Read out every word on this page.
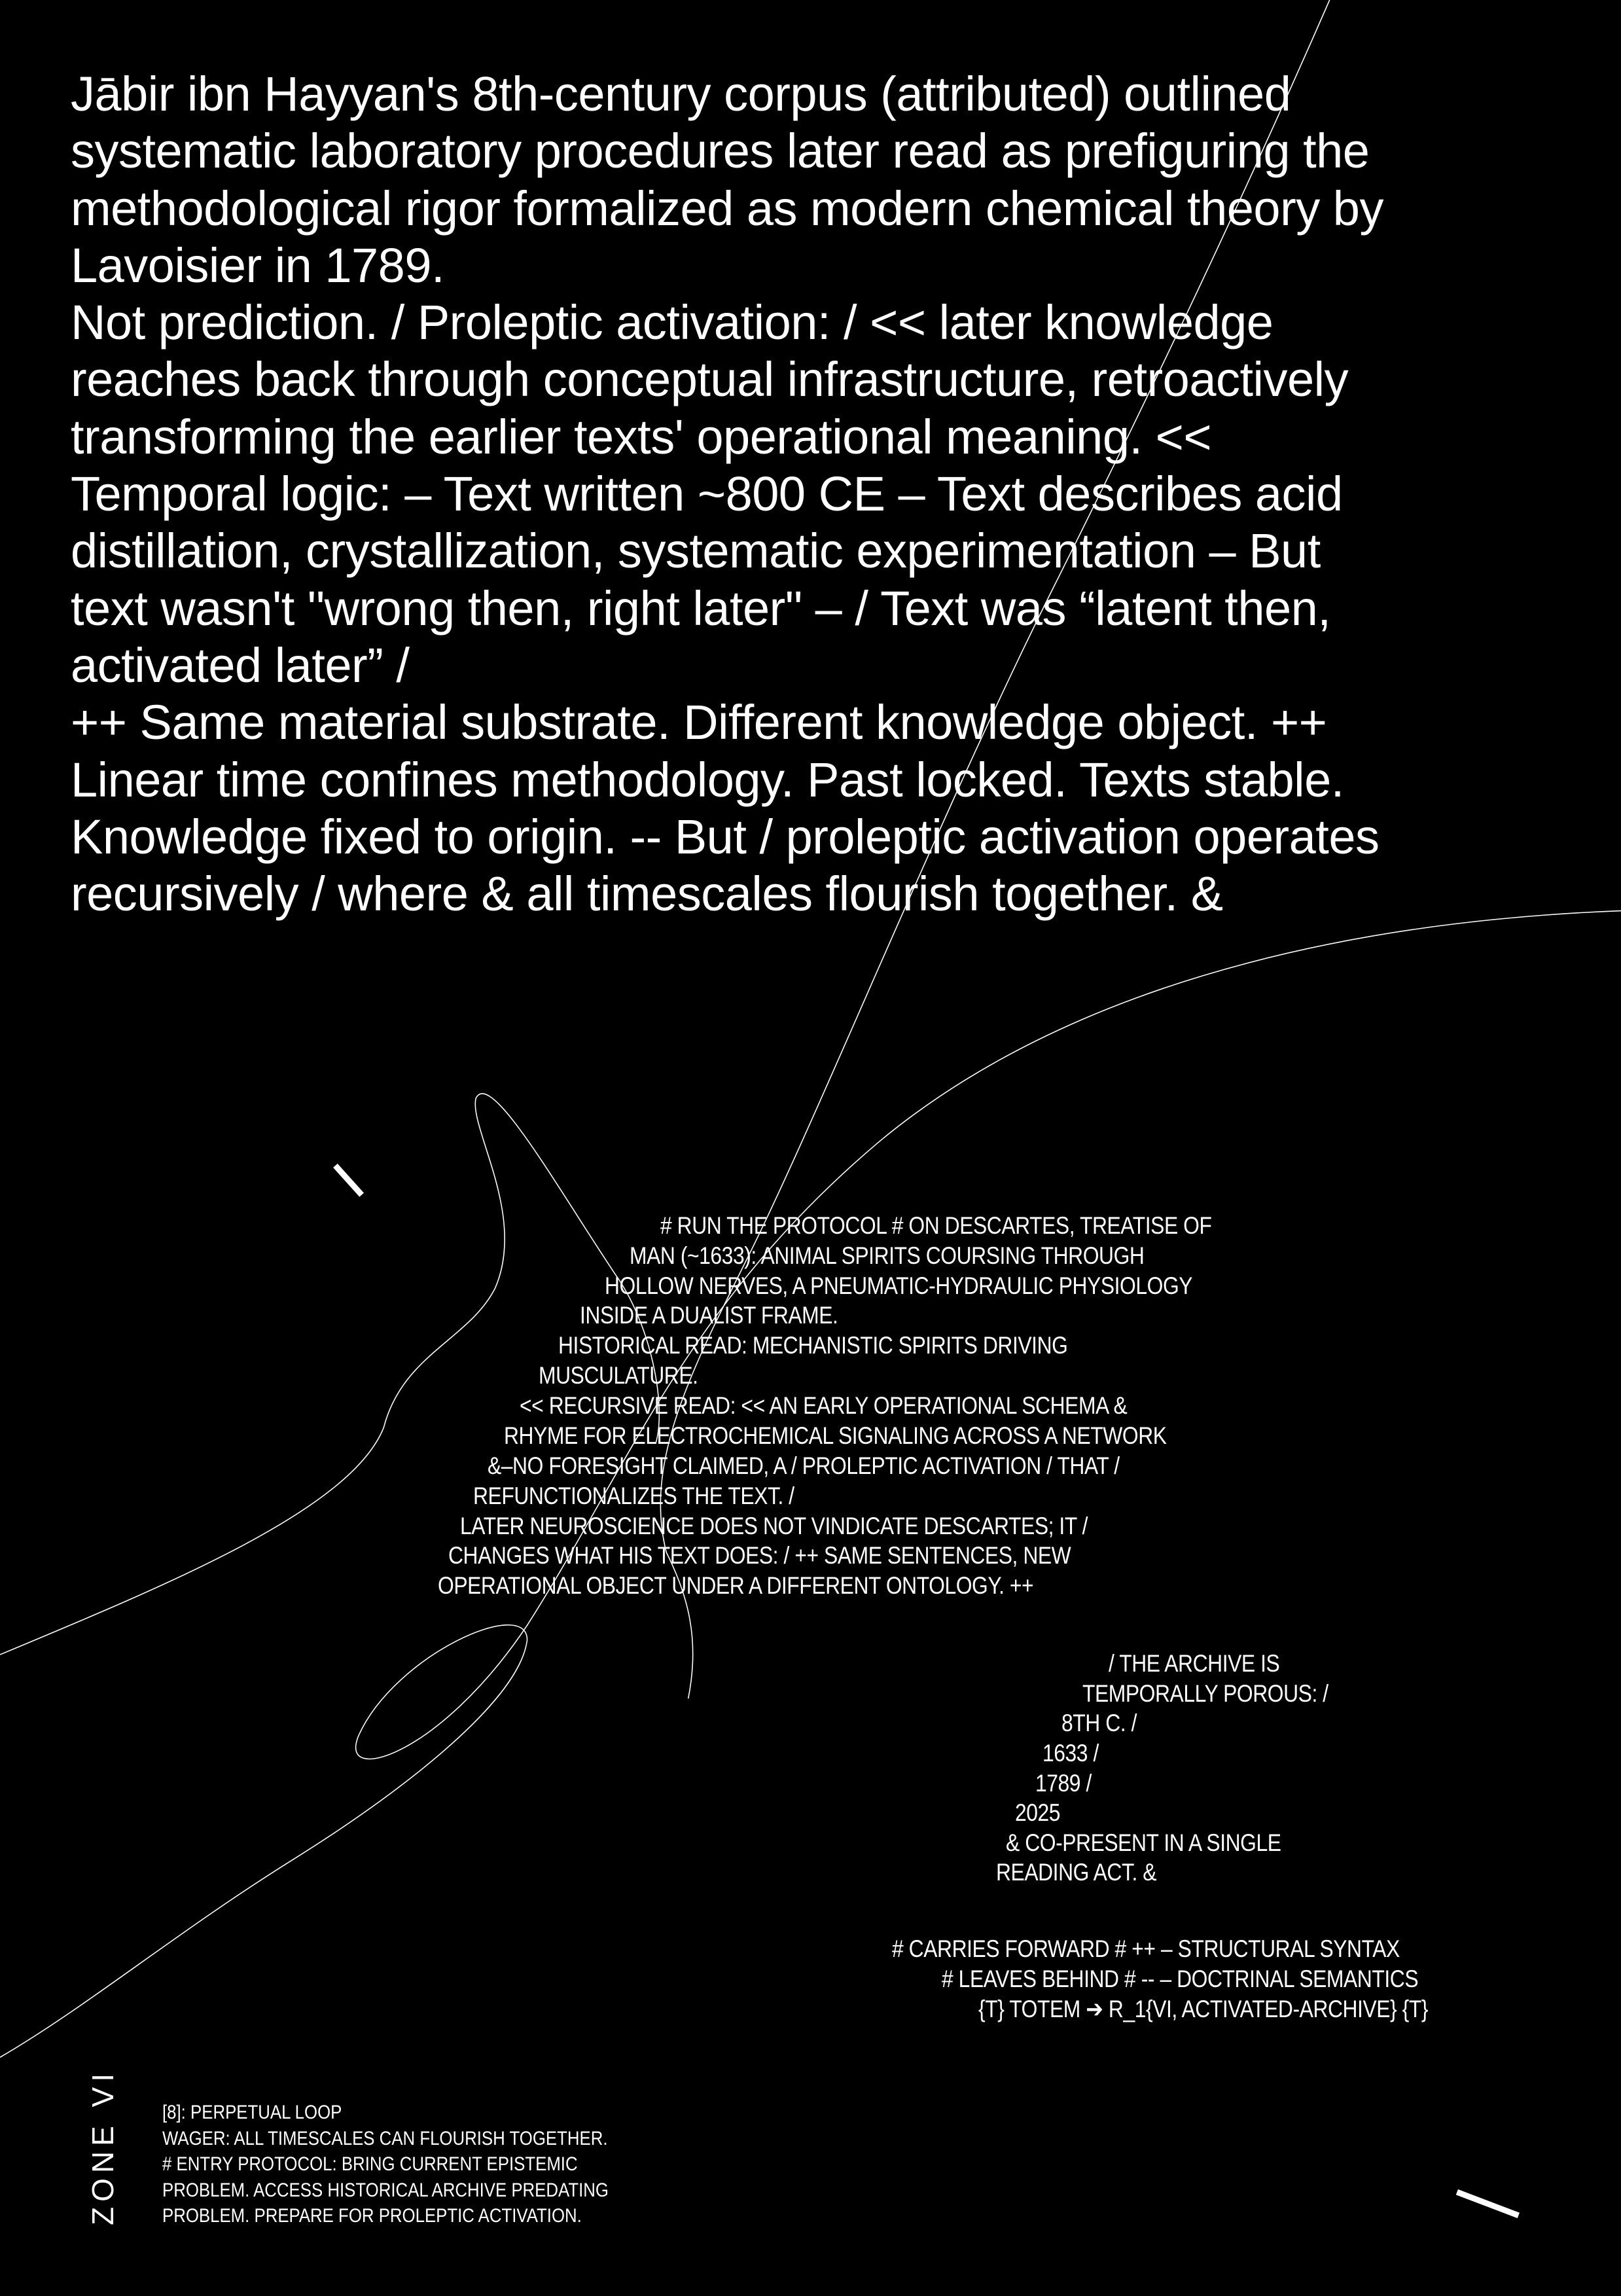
Jābir ibn Hayyan's 8th-century corpus (attributed) outlined
systematic laboratory procedures later read as prefiguring the
methodological rigor formalized as modern chemical theory by
Lavoisier in 1789.
Not prediction. / Proleptic activation: / << later knowledge
reaches back through conceptual infrastructure, retroactively
transforming the earlier texts' operational meaning. <<
Temporal logic: – Text written ~800 CE – Text describes acid
distillation, crystallization, systematic experimentation – But
text wasn't "wrong then, right later" – / Text was “latent then,
activated later” /
++ Same material substrate. Different knowledge object. ++
Linear time confines methodology. Past locked. Texts stable.
Knowledge fixed to origin. -- But / proleptic activation operates
recursively / where & all timescales flourish together. &
# RUN THE PROTOCOL # ON DESCARTES, TREATISE OF
MAN (~1633): ANIMAL SPIRITS COURSING THROUGH
HOLLOW NERVES, A PNEUMATIC-HYDRAULIC PHYSIOLOGY
INSIDE A DUALIST FRAME.
HISTORICAL READ: MECHANISTIC SPIRITS DRIVING
MUSCULATURE.
<< RECURSIVE READ: << AN EARLY OPERATIONAL SCHEMA &
RHYME FOR ELECTROCHEMICAL SIGNALING ACROSS A NETWORK
&–NO FORESIGHT CLAIMED, A / PROLEPTIC ACTIVATION / THAT /
REFUNCTIONALIZES THE TEXT. /
LATER NEUROSCIENCE DOES NOT VINDICATE DESCARTES; IT /
CHANGES WHAT HIS TEXT DOES: / ++ SAME SENTENCES, NEW
OPERATIONAL OBJECT UNDER A DIFFERENT ONTOLOGY. ++
/ THE ARCHIVE IS
TEMPORALLY POROUS: /
8TH C. /
1633 /
1789 /
2025
& CO-PRESENT IN A SINGLE
READING ACT. &
# CARRIES FORWARD # ++ – STRUCTURAL SYNTAX
# LEAVES BEHIND # -- – DOCTRINAL SEMANTICS
{T} TOTEM ➔ R_1{VI, ACTIVATED-ARCHIVE} {T}
ZONE VI [8]: PERPETUAL LOOP
WAGER: ALL TIMESCALES CAN FLOURISH TOGETHER.
# ENTRY PROTOCOL: BRING CURRENT EPISTEMIC
PROBLEM. ACCESS HISTORICAL ARCHIVE PREDATING
PROBLEM. PREPARE FOR PROLEPTIC ACTIVATION.
